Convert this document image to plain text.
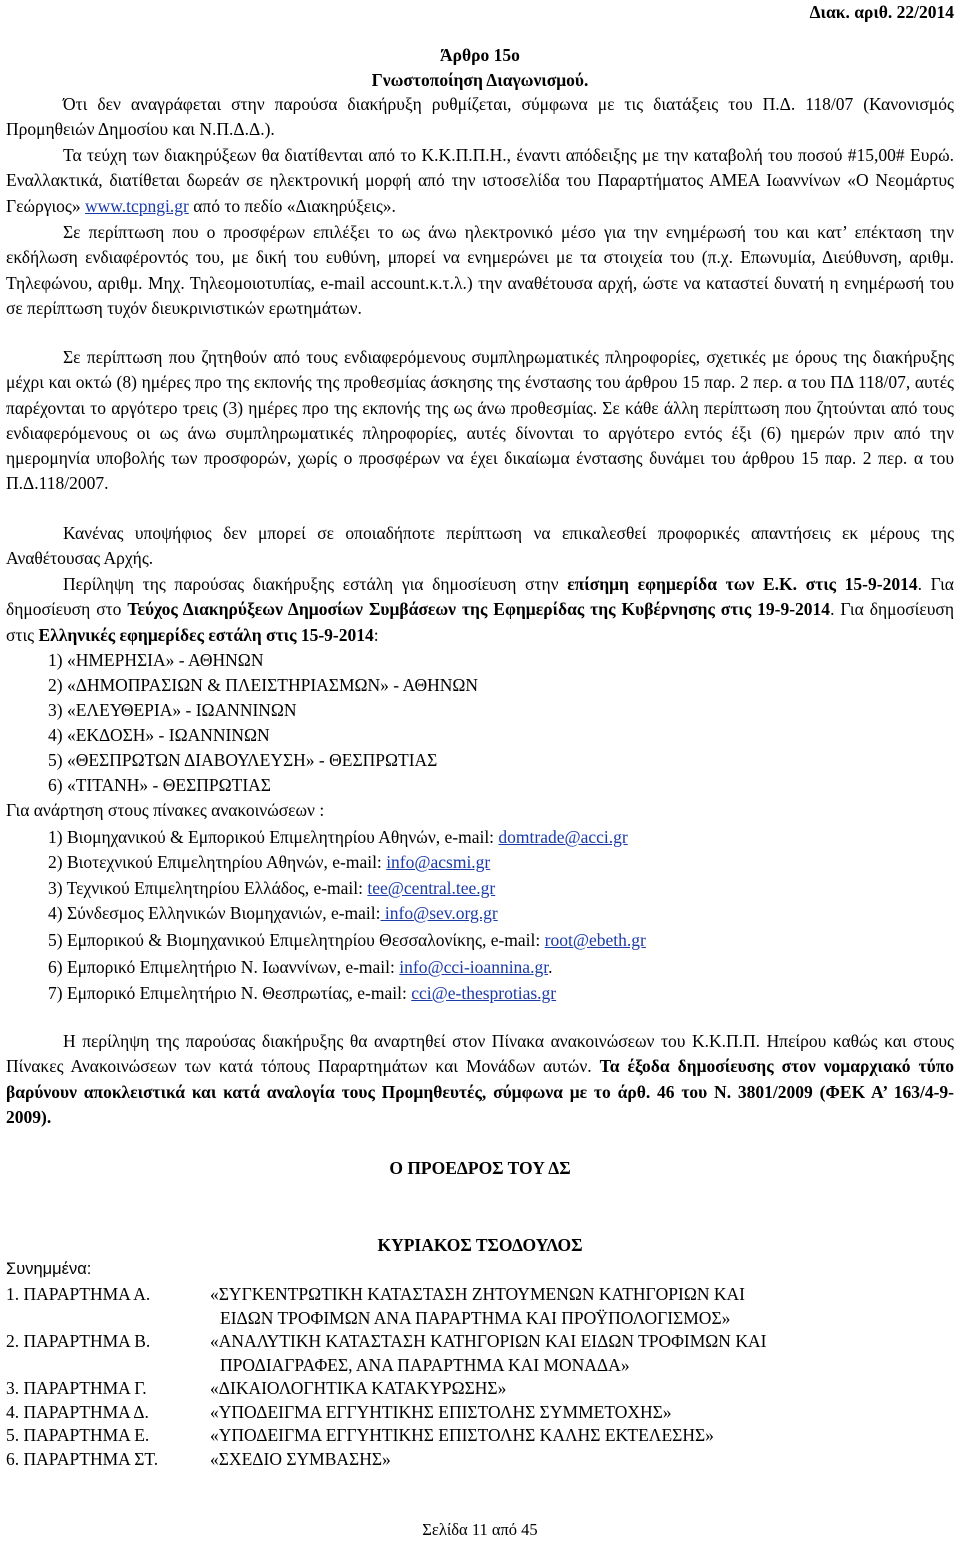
Διακ. αριθ. 22/2014
Άρθρο 15ο
Γνωστοποίηση Διαγωνισμού.

Ότι δεν αναγράφεται στην παρούσα διακήρυξη ρυθμίζεται, σύμφωνα με τις διατάξεις του Π.Δ. 118/07 (Κανονισμός Προμηθειών Δημοσίου και Ν.Π.Δ.Δ.).

Τα τεύχη των διακηρύξεων θα διατίθενται από το Κ.Κ.Π.Π.Η., έναντι απόδειξης με την καταβολή του ποσού #15,00# Ευρώ. Εναλλακτικά, διατίθεται δωρεάν σε ηλεκτρονική μορφή από την ιστοσελίδα του Παραρτήματος ΑΜΕΑ Ιωαννίνων «Ο Νεομάρτυς Γεώργιος» www.tcpngi.gr από το πεδίο «Διακηρύξεις».

Σε περίπτωση που ο προσφέρων επιλέξει το ως άνω ηλεκτρονικό μέσο για την ενημέρωσή του και κατ’ επέκταση την εκδήλωση ενδιαφέροντός του, με δική του ευθύνη, μπορεί να ενημερώνει με τα στοιχεία του (π.χ. Επωνυμία, Διεύθυνση, αριθμ. Τηλεφώνου, αριθμ. Μηχ. Τηλεομοιοτυπίας, e-mail account.κ.τ.λ.) την αναθέτουσα αρχή, ώστε να καταστεί δυνατή η ενημέρωσή του σε περίπτωση τυχόν διευκρινιστικών ερωτημάτων.

Σε περίπτωση που ζητηθούν από τους ενδιαφερόμενους συμπληρωματικές πληροφορίες, σχετικές με όρους της διακήρυξης μέχρι και οκτώ (8) ημέρες προ της εκπονής της προθεσμίας άσκησης της ένστασης του άρθρου 15 παρ. 2 περ. α του ΠΔ 118/07, αυτές παρέχονται το αργότερο τρεις (3) ημέρες προ της εκπονής της ως άνω προθεσμίας. Σε κάθε άλλη περίπτωση που ζητούνται από τους ενδιαφερόμενους οι ως άνω συμπληρωματικές πληροφορίες, αυτές δίνονται το αργότερο εντός έξι (6) ημερών πριν από την ημερομηνία υποβολής των προσφορών, χωρίς ο προσφέρων να έχει δικαίωμα ένστασης δυνάμει του άρθρου 15 παρ. 2 περ. α του Π.Δ.118/2007.

Κανένας υποψήφιος δεν μπορεί σε οποιαδήποτε περίπτωση να επικαλεσθεί προφορικές απαντήσεις εκ μέρους της Αναθέτουσας Αρχής.

Περίληψη της παρούσας διακήρυξης εστάλη για δημοσίευση στην επίσημη εφημερίδα των Ε.Κ. στις 15-9-2014. Για δημοσίευση στο Τεύχος Διακηρύξεων Δημοσίων Συμβάσεων της Εφημερίδας της Κυβέρνησης στις 19-9-2014. Για δημοσίευση στις Ελληνικές εφημερίδες εστάλη στις 15-9-2014:

1) «ΗΜΕΡΗΣΙΑ» - ΑΘΗΝΩΝ
2) «ΔΗΜΟΠΡΑΣΙΩΝ & ΠΛΕΙΣΤΗΡΙΑΣΜΩΝ» - ΑΘΗΝΩΝ
3) «ΕΛΕΥΘΕΡΙΑ» - ΙΩΑΝΝΙΝΩΝ
4) «ΕΚΔΟΣΗ» - ΙΩΑΝΝΙΝΩΝ
5) «ΘΕΣΠΡΩΤΩΝ ΔΙΑΒΟΥΛΕΥΣΗ» - ΘΕΣΠΡΩΤΙΑΣ
6) «ΤΙΤΑΝΗ» - ΘΕΣΠΡΩΤΙΑΣ
Για ανάρτηση στους πίνακες ανακοινώσεων :
1) Βιομηχανικού & Εμπορικού Επιμελητηρίου Αθηνών, e-mail: domtrade@acci.gr
2) Βιοτεχνικού Επιμελητηρίου Αθηνών, e-mail: info@acsmi.gr
3) Τεχνικού Επιμελητηρίου Ελλάδος, e-mail: tee@central.tee.gr
4) Σύνδεσμος Ελληνικών Βιομηχανιών, e-mail: info@sev.org.gr
5) Εμπορικού & Βιομηχανικού Επιμελητηρίου Θεσσαλονίκης, e-mail: root@ebeth.gr
6) Εμπορικό Επιμελητήριο Ν. Ιωαννίνων, e-mail: info@cci-ioannina.gr.
7) Εμπορικό Επιμελητήριο Ν. Θεσπρωτίας, e-mail: cci@e-thesprotias.gr

Η περίληψη της παρούσας διακήρυξης θα αναρτηθεί στον Πίνακα ανακοινώσεων του Κ.Κ.Π.Π. Ηπείρου καθώς και στους Πίνακες Ανακοινώσεων των κατά τόπους Παραρτημάτων και Μονάδων αυτών. Τα έξοδα δημοσίευσης στον νομαρχιακό τύπο βαρύνουν αποκλειστικά και κατά αναλογία τους Προμηθευτές, σύμφωνα με το άρθ. 46 του Ν. 3801/2009 (ΦΕΚ Α’ 163/4-9-2009).

Ο ΠΡΟΕΔΡΟΣ ΤΟΥ ΔΣ
ΚΥΡΙΑΚΟΣ ΤΣΟΔΟΥΛΟΣ
Συνημμένα:
1. ΠΑΡΑΡΤΗΜΑ Α.	«ΣΥΓΚΕΝΤΡΩΤΙΚΗ ΚΑΤΑΣΤΑΣΗ ΖΗΤΟΥΜΕΝΩΝ ΚΑΤΗΓΟΡΙΩΝ ΚΑΙ
ΕΙΔΩΝ ΤΡΟΦΙΜΩΝ ΑΝΑ ΠΑΡΑΡΤΗΜΑ ΚΑΙ ΠΡΟΫΠΟΛΟΓΙΣΜΟΣ»
2. ΠΑΡΑΡΤΗΜΑ Β.	«ΑΝΑΛΥΤΙΚΗ ΚΑΤΑΣΤΑΣΗ ΚΑΤΗΓΟΡΙΩΝ ΚΑΙ ΕΙΔΩΝ ΤΡΟΦΙΜΩΝ ΚΑΙ
ΠΡΟΔΙΑΓΡΑΦΕΣ, ΑΝΑ ΠΑΡΑΡΤΗΜΑ ΚΑΙ ΜΟΝΑΔΑ»
3. ΠΑΡΑΡΤΗΜΑ Γ.	«ΔΙΚΑΙΟΛΟΓΗΤΙΚΑ ΚΑΤΑΚΥΡΩΣΗΣ»
4. ΠΑΡΑΡΤΗΜΑ Δ.	«ΥΠΟΔΕΙΓΜΑ ΕΓΓΥΗΤΙΚΗΣ ΕΠΙΣΤΟΛΗΣ ΣΥΜΜΕΤΟΧΗΣ»
5. ΠΑΡΑΡΤΗΜΑ Ε.	«ΥΠΟΔΕΙΓΜΑ ΕΓΓΥΗΤΙΚΗΣ ΕΠΙΣΤΟΛΗΣ ΚΑΛΗΣ ΕΚΤΕΛΕΣΗΣ»
6. ΠΑΡΑΡΤΗΜΑ ΣΤ.	«ΣΧΕΔΙΟ ΣΥΜΒΑΣΗΣ»
Σελίδα 11 από 45
